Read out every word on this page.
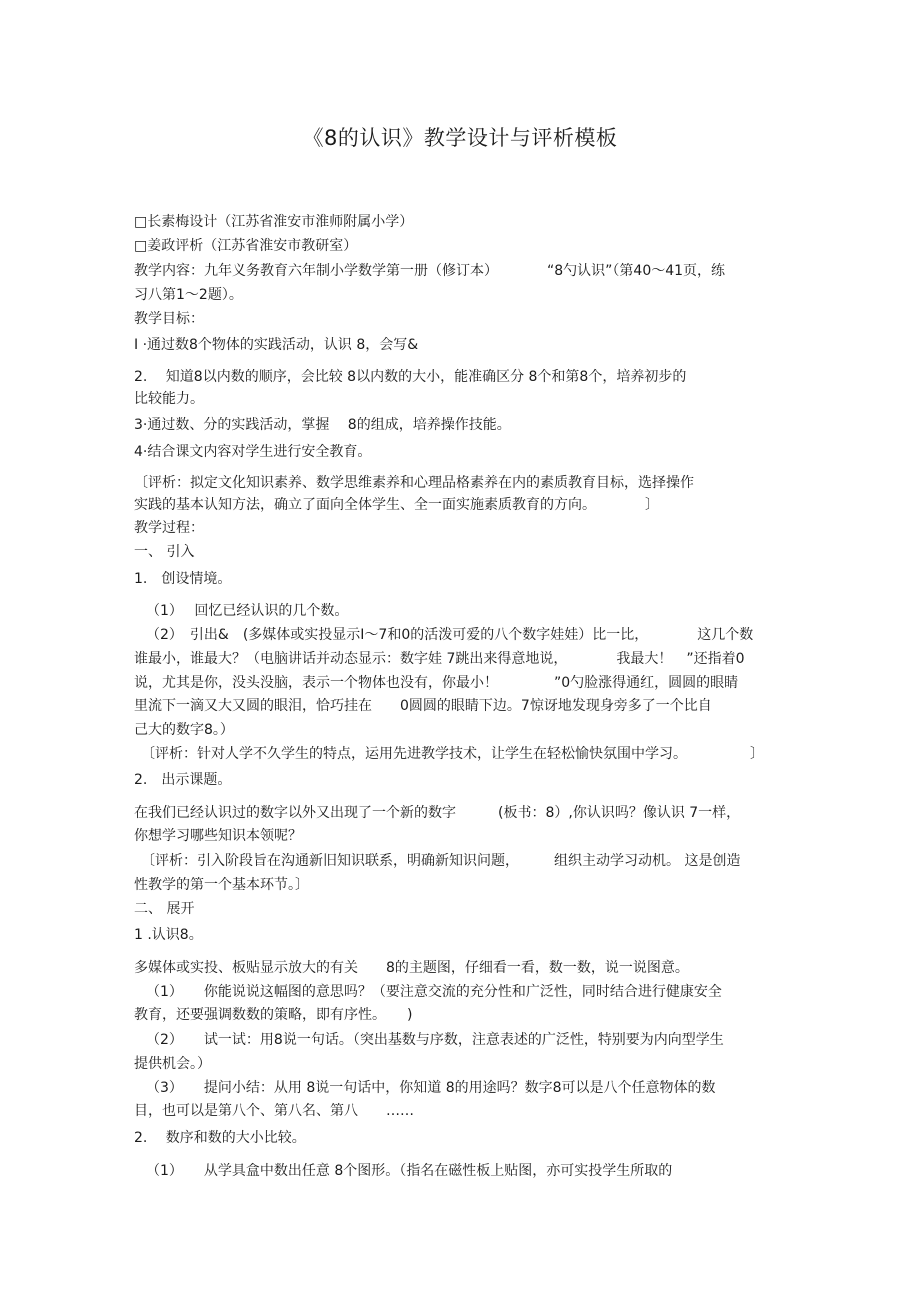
《8的认识》教学设计与评析模板
□长素梅设计（江苏省淮安市淮师附属小学）
□姜政评析（江苏省淮安市教研室）
教学内容：九年义务教育六年制小学数学第一册（修订本）　　　　“8勺认识”（第40～41页，练
习八第1～2题）。
教学目标：
I ·通过数8个物体的实践活动，认识 8，会写&
2.　 知道8以内数的顺序，会比较 8以内数的大小，能准确区分 8个和第8个，培养初步的
比较能力。
3·通过数、分的实践活动，掌握　 8的组成，培养操作技能。
4·结合课文内容对学生进行安全教育。
〔评析：拟定文化知识素养、数学思维素养和心理品格素养在内的素质教育目标，选择操作
实践的基本认知方法，确立了面向全体学生、全一面实施素质教育的方向。　　　　〕
教学过程：
一、 引入
1.　创设情境。
（1）　 回忆已经认识的几个数。
（2）　引出&　(多媒体或实投显示I～7和0的活泼可爱的八个数字娃娃）比一比，　　　　这几个数
谁最小，谁最大？（电脑讲话并动态显示：数字娃 7跳出来得意地说，　　　　我最大！　”还指着0
说，尤其是你，没头没脑，表示一个物体也没有，你最小！　　　　”0勺脸涨得通红，圆圆的眼睛
里流下一滴又大又圆的眼泪，恰巧挂在　　0圆圆的眼睛下边。7惊讶地发现身旁多了一个比自
己大的数字8。）
〔评析：针对人学不久学生的特点，运用先进教学技术，让学生在轻松愉快氛围中学习。　　　　　〕
2.　出示课题。
在我们已经认识过的数字以外又出现了一个新的数字　　　(板书：8）,你认识吗？像认识 7一样，
你想学习哪些知识本领呢？
〔评析：引入阶段旨在沟通新旧知识联系，明确新知识问题，　　　组织主动学习动机。 这是创造
性教学的第一个基本环节。〕
二、 展开
1 .认识8。
多媒体或实投、板贴显示放大的有关　　8的主题图，仔细看一看，数一数，说一说图意。
（1）　　你能说说这幅图的意思吗？（要注意交流的充分性和广泛性，同时结合进行健康安全
教育，还要强调数数的策略，即有序性。　　)
（2）　　试一试：用8说一句话。（突出基数与序数，注意表述的广泛性，特别要为内向型学生
提供机会。）
（3）　　提问小结：从用 8说一句话中，你知道 8的用途吗？数字8可以是八个任意物体的数
目，也可以是第八个、第八名、第八　　……
2.　 数序和数的大小比较。
（1）　　从学具盒中数出任意 8个图形。（指名在磁性板上贴图，亦可实投学生所取的
